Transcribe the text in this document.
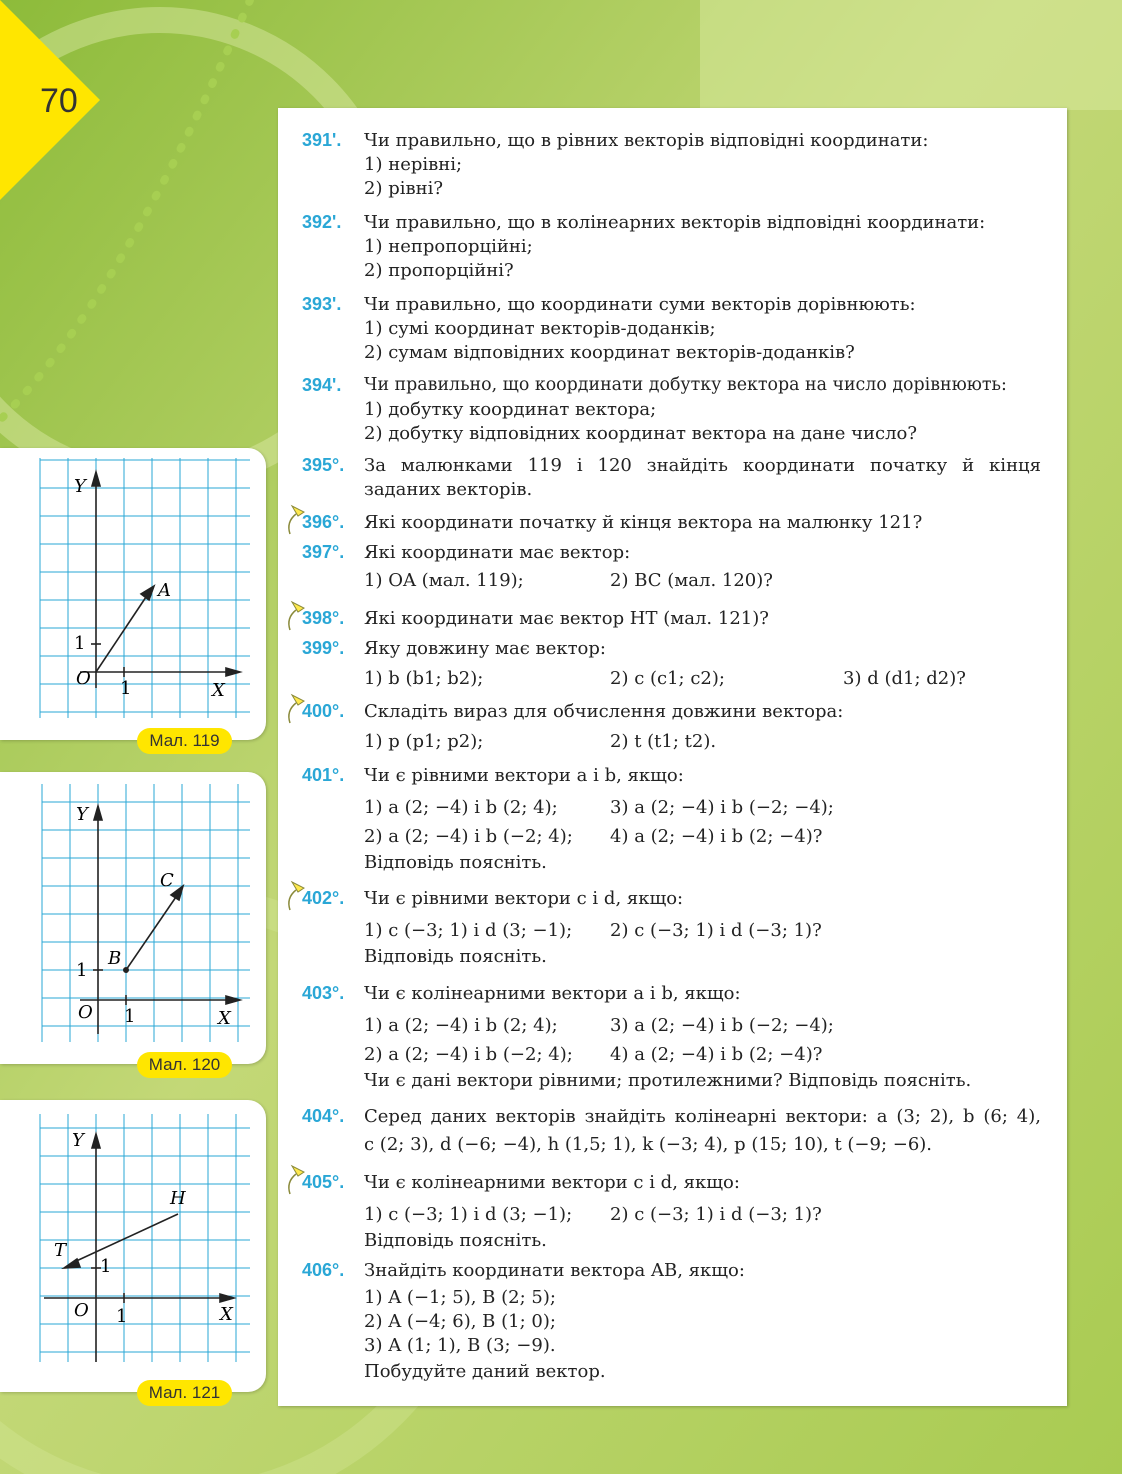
70
Y
X
O 1
1
A
Мал. 119
Y
X
O 1
1
B
C
Мал. 120
Y
X
O 1
1
H
T
Мал. 121
391'. Чи правильно, що в рівних векторів відповідні координати:
1) нерівні;
2) рівні?
392'. Чи правильно, що в колінеарних векторів відповідні координати:
1) непропорційні;
2) пропорційні?
393'. Чи правильно, що координати суми векторів дорівнюють:
1) сумі координат векторів-доданків;
2) сумам відповідних координат векторів-доданків?
394'. Чи правильно, що координати добутку вектора на число дорівнюють:
1) добутку координат вектора;
2) добутку відповідних координат вектора на дане число?
395°. За малюнками 119 і 120 знайдіть координати початку й кінця
заданих векторів.
396°. Які координати початку й кінця вектора на малюнку 121?
397°. Які координати має вектор:
1) OA (мал. 119);	2) BC (мал. 120)?
398°. Які координати має вектор HT (мал. 121)?
399°. Яку довжину має вектор:
1) b (b1; b2);	2) c (c1; c2);	3) d (d1; d2)?
400°. Складіть вираз для обчислення довжини вектора:
1) p (p1; p2);	2) t (t1; t2).
401°. Чи є рівними вектори a і b, якщо:
1) a (2; −4) і b (2; 4);	3) a (2; −4) і b (−2; −4);
2) a (2; −4) і b (−2; 4); 4) a (2; −4) і b (2; −4)?
Відповідь поясніть.
402°. Чи є рівними вектори c і d, якщо:
1) c (−3; 1) і d (3; −1); 2) c (−3; 1) і d (−3; 1)?
Відповідь поясніть.
403°. Чи є колінеарними вектори a і b, якщо:
1) a (2; −4) і b (2; 4);	3) a (2; −4) і b (−2; −4);
2) a (2; −4) і b (−2; 4); 4) a (2; −4) і b (2; −4)?
Чи є дані вектори рівними; протилежними? Відповідь поясніть.
404°. Серед даних векторів знайдіть колінеарні вектори: a (3; 2), b (6; 4),
c (2; 3), d (−6; −4), h (1,5; 1), k (−3; 4), p (15; 10), t (−9; −6).
405°. Чи є колінеарними вектори c і d, якщо:
1) c (−3; 1) і d (3; −1); 2) c (−3; 1) і d (−3; 1)?
Відповідь поясніть.
406°. Знайдіть координати вектора AB, якщо:
1) A (−1; 5), B (2; 5);
2) A (−4; 6), B (1; 0);
3) A (1; 1), B (3; −9).
Побудуйте даний вектор.
